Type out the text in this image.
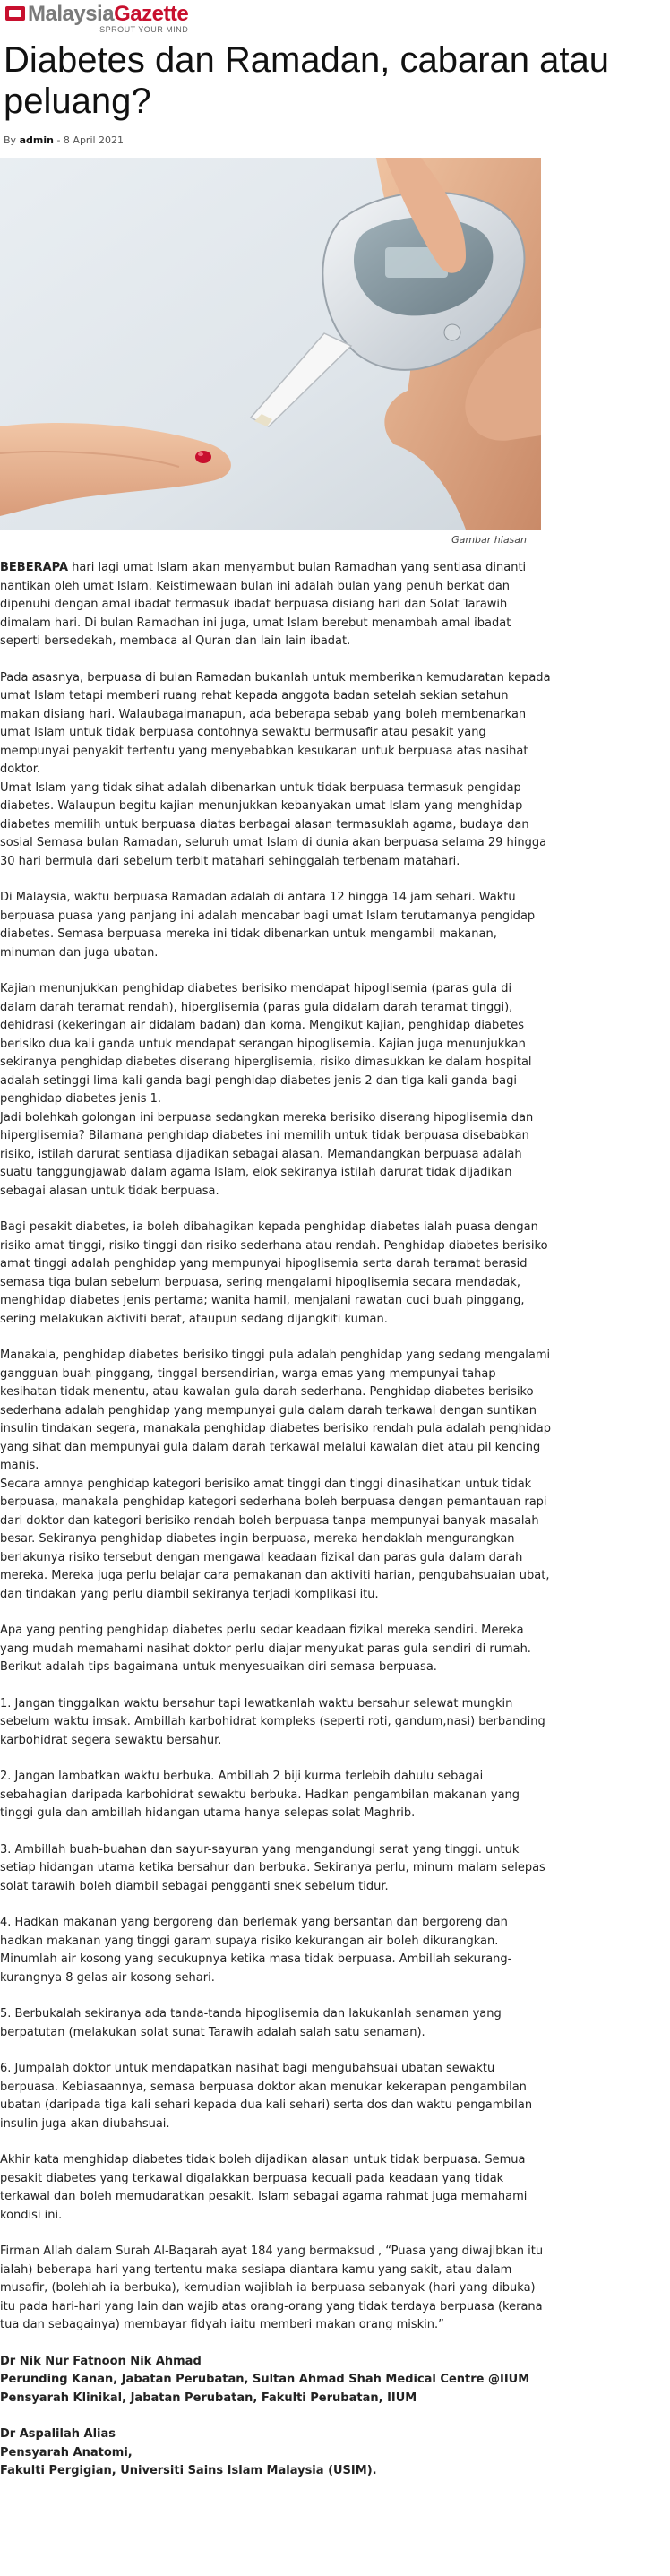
MalaysiaGazette
SPROUT YOUR MIND
Diabetes dan Ramadan, cabaran atau peluang?
By admin - 8 April 2021
Gambar hiasan

BEBERAPA hari lagi umat Islam akan menyambut bulan Ramadhan yang sentiasa dinanti nantikan oleh umat Islam. Keistimewaan bulan ini adalah bulan yang penuh berkat dan dipenuhi dengan amal ibadat termasuk ibadat berpuasa disiang hari dan Solat Tarawih dimalam hari. Di bulan Ramadhan ini juga, umat Islam berebut menambah amal ibadat seperti bersedekah, membaca al Quran dan lain lain ibadat.

Pada asasnya, berpuasa di bulan Ramadan bukanlah untuk memberikan kemudaratan kepada umat Islam tetapi memberi ruang rehat kepada anggota badan setelah sekian setahun makan disiang hari. Walaubagaimanapun, ada beberapa sebab yang boleh membenarkan umat Islam untuk tidak berpuasa contohnya sewaktu bermusafir atau pesakit yang mempunyai penyakit tertentu yang menyebabkan kesukaran untuk berpuasa atas nasihat doktor.

Umat Islam yang tidak sihat adalah dibenarkan untuk tidak berpuasa termasuk pengidap diabetes. Walaupun begitu kajian menunjukkan kebanyakan umat Islam yang menghidap diabetes memilih untuk berpuasa diatas berbagai alasan termasuklah agama, budaya dan sosial Semasa bulan Ramadan, seluruh umat Islam di dunia akan berpuasa selama 29 hingga 30 hari bermula dari sebelum terbit matahari sehinggalah terbenam matahari.

Di Malaysia, waktu berpuasa Ramadan adalah di antara 12 hingga 14 jam sehari. Waktu berpuasa puasa yang panjang ini adalah mencabar bagi umat Islam terutamanya pengidap diabetes. Semasa berpuasa mereka ini tidak dibenarkan untuk mengambil makanan, minuman dan juga ubatan.

Kajian menunjukkan penghidap diabetes berisiko mendapat hipoglisemia (paras gula di dalam darah teramat rendah), hiperglisemia (paras gula didalam darah teramat tinggi), dehidrasi (kekeringan air didalam badan) dan koma. Mengikut kajian, penghidap diabetes berisiko dua kali ganda untuk mendapat serangan hipoglisemia. Kajian juga menunjukkan sekiranya penghidap diabetes diserang hiperglisemia, risiko dimasukkan ke dalam hospital adalah setinggi lima kali ganda bagi penghidap diabetes jenis 2 dan tiga kali ganda bagi penghidap diabetes jenis 1.

Jadi bolehkah golongan ini berpuasa sedangkan mereka berisiko diserang hipoglisemia dan hiperglisemia? Bilamana penghidap diabetes ini memilih untuk tidak berpuasa disebabkan risiko, istilah darurat sentiasa dijadikan sebagai alasan. Memandangkan berpuasa adalah suatu tanggungjawab dalam agama Islam, elok sekiranya istilah darurat tidak dijadikan sebagai alasan untuk tidak berpuasa.

Bagi pesakit diabetes, ia boleh dibahagikan kepada penghidap diabetes ialah puasa dengan risiko amat tinggi, risiko tinggi dan risiko sederhana atau rendah. Penghidap diabetes berisiko amat tinggi adalah penghidap yang mempunyai hipoglisemia serta darah teramat berasid semasa tiga bulan sebelum berpuasa, sering mengalami hipoglisemia secara mendadak, menghidap diabetes jenis pertama; wanita hamil, menjalani rawatan cuci buah pinggang, sering melakukan aktiviti berat, ataupun sedang dijangkiti kuman.

Manakala, penghidap diabetes berisiko tinggi pula adalah penghidap yang sedang mengalami gangguan buah pinggang, tinggal bersendirian, warga emas yang mempunyai tahap kesihatan tidak menentu, atau kawalan gula darah sederhana. Penghidap diabetes berisiko sederhana adalah penghidap yang mempunyai gula dalam darah terkawal dengan suntikan insulin tindakan segera, manakala penghidap diabetes berisiko rendah pula adalah penghidap yang sihat dan mempunyai gula dalam darah terkawal melalui kawalan diet atau pil kencing manis.

Secara amnya penghidap kategori berisiko amat tinggi dan tinggi dinasihatkan untuk tidak berpuasa, manakala penghidap kategori sederhana boleh berpuasa dengan pemantauan rapi dari doktor dan kategori berisiko rendah boleh berpuasa tanpa mempunyai banyak masalah besar. Sekiranya penghidap diabetes ingin berpuasa, mereka hendaklah mengurangkan berlakunya risiko tersebut dengan mengawal keadaan fizikal dan paras gula dalam darah mereka. Mereka juga perlu belajar cara pemakanan dan aktiviti harian, pengubahsuaian ubat, dan tindakan yang perlu diambil sekiranya terjadi komplikasi itu.

Apa yang penting penghidap diabetes perlu sedar keadaan fizikal mereka sendiri. Mereka yang mudah memahami nasihat doktor perlu diajar menyukat paras gula sendiri di rumah. Berikut adalah tips bagaimana untuk menyesuaikan diri semasa berpuasa.

1. Jangan tinggalkan waktu bersahur tapi lewatkanlah waktu bersahur selewat mungkin sebelum waktu imsak. Ambillah karbohidrat kompleks (seperti roti, gandum,nasi) berbanding karbohidrat segera sewaktu bersahur.

2. Jangan lambatkan waktu berbuka. Ambillah 2 biji kurma terlebih dahulu sebagai sebahagian daripada karbohidrat sewaktu berbuka. Hadkan pengambilan makanan yang tinggi gula dan ambillah hidangan utama hanya selepas solat Maghrib.

3. Ambillah buah-buahan dan sayur-sayuran yang mengandungi serat yang tinggi. untuk setiap hidangan utama ketika bersahur dan berbuka. Sekiranya perlu, minum malam selepas solat tarawih boleh diambil sebagai pengganti snek sebelum tidur.

4. Hadkan makanan yang bergoreng dan berlemak yang bersantan dan bergoreng dan hadkan makanan yang tinggi garam supaya risiko kekurangan air boleh dikurangkan. Minumlah air kosong yang secukupnya ketika masa tidak berpuasa. Ambillah sekurang-kurangnya 8 gelas air kosong sehari.

5. Berbukalah sekiranya ada tanda-tanda hipoglisemia dan lakukanlah senaman yang berpatutan (melakukan solat sunat Tarawih adalah salah satu senaman).

6. Jumpalah doktor untuk mendapatkan nasihat bagi mengubahsuai ubatan sewaktu berpuasa. Kebiasaannya, semasa berpuasa doktor akan menukar kekerapan pengambilan ubatan (daripada tiga kali sehari kepada dua kali sehari) serta dos dan waktu pengambilan insulin juga akan diubahsuai.

Akhir kata menghidap diabetes tidak boleh dijadikan alasan untuk tidak berpuasa. Semua pesakit diabetes yang terkawal digalakkan berpuasa kecuali pada keadaan yang tidak terkawal dan boleh memudaratkan pesakit. Islam sebagai agama rahmat juga memahami kondisi ini.

Firman Allah dalam Surah Al-Baqarah ayat 184 yang bermaksud , “Puasa yang diwajibkan itu ialah) beberapa hari yang tertentu maka sesiapa diantara kamu yang sakit, atau dalam musafir, (bolehlah ia berbuka), kemudian wajiblah ia berpuasa sebanyak (hari yang dibuka) itu pada hari-hari yang lain dan wajib atas orang-orang yang tidak terdaya berpuasa (kerana tua dan sebagainya) membayar fidyah iaitu memberi makan orang miskin.”

Dr Nik Nur Fatnoon Nik Ahmad

Perunding Kanan, Jabatan Perubatan, Sultan Ahmad Shah Medical Centre @IIUM

Pensyarah Klinikal, Jabatan Perubatan, Fakulti Perubatan, IIUM

Dr Aspalilah Alias

Pensyarah Anatomi,

Fakulti Pergigian, Universiti Sains Islam Malaysia (USIM).
